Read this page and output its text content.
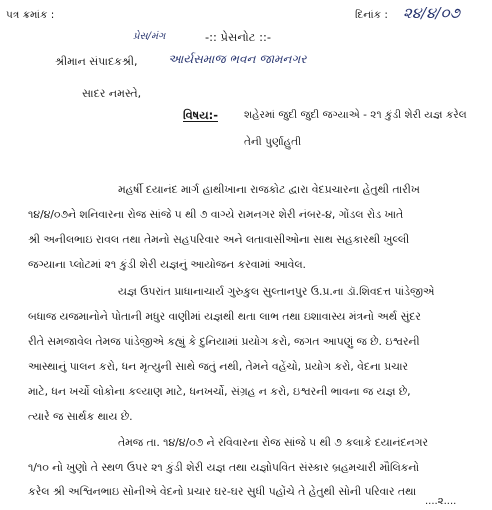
પત્ર ક્રમાંક :	દિનાંક : ૨૪/૪/૦૭
પ્રેસ/મંગ	-:: પ્રેસનોટ ::-
શ્રીમાન સંપાદકશ્રી,	આર્યસમાજ ભવન જામનગર
સાદર નમસ્તે,
વિષય:- શહેરમાં જુદી જુદી જગ્યાએ - ૨૧ કુંડી શેરી યજ્ઞ કરેલ
તેની પુર્ણાહુતી
મહર્ષી દયાનંદ માર્ગ હાથીખાના રાજકોટ દ્વારા વેદપ્રચારના હેતુથી તારીખ
૧૪/૪/૦૭ને શનિવારના રોજ સાંજે ૫ થી ૭ વાગ્યે રામનગર શેરી નંબર-૪, ગોંડલ રોડ ખાતે
શ્રી અનીલભાઇ રાવલ તથા તેમનો સહપરિવાર અને લતાવાસીઓના સાથ સહકારથી ખુલ્લી
જગ્યાના પ્લોટમાં ૨૧ કુંડી શેરી યજ્ઞનું આયોજન કરવામાં આવેલ.
યજ્ઞ ઉપરાંત પ્રાધાનાચાર્ય ગુરુકુલ સુલ્તાનપુર ઉ.પ્ર.ના ડૉ.શિવદત્ત પાંડેજીએ
બધાજ યજમાનોને પોતાની મધુર વાણીમાં યજ્ઞથી થતા લાભ તથા ઇશાવાસ્ય મંત્રનો અર્થ સુંદર
રીતે સમજાવેલ તેમજ પાંડેજીએ કહ્યું કે દુનિયામાં પ્રયોગ કરો, જગત આપણું જ છે. ઇશ્વરની
આસ્થાનું પાલન કરો, ધન મૃત્યુની સાથે જતું નથી, તેમને વહેંચો, પ્રયોગ કરો, વેદના પ્રચાર
માટે, ધન ખર્ચો લોકોના કલ્યાણ માટે, ધનખર્ચો, સંગ્રહ ન કરો, ઇશ્વરની ભાવના જ યજ્ઞ છે,
ત્યારે જ સાર્થક થાય છે.
તેમજ તા. ૧૪/૪/૦૭ ને રવિવારના રોજ સાંજે ૫ થી ૭ કલાકે દયાનંદનગર
૧/૧૦ નો ખુણો તે સ્થળ ઉપર ૨૧ કુંડી શેરી યજ્ઞ તથા યજ્ઞોપવિત સંસ્કાર બ્રહમચારી મૌલિકનો
કરેલ શ્રી અશ્વિનભાઇ સોનીએ વેદનો પ્રચાર ઘર-ઘર સુધી પહોંચે તે હેતુથી સોની પરિવાર તથા
....૨....
